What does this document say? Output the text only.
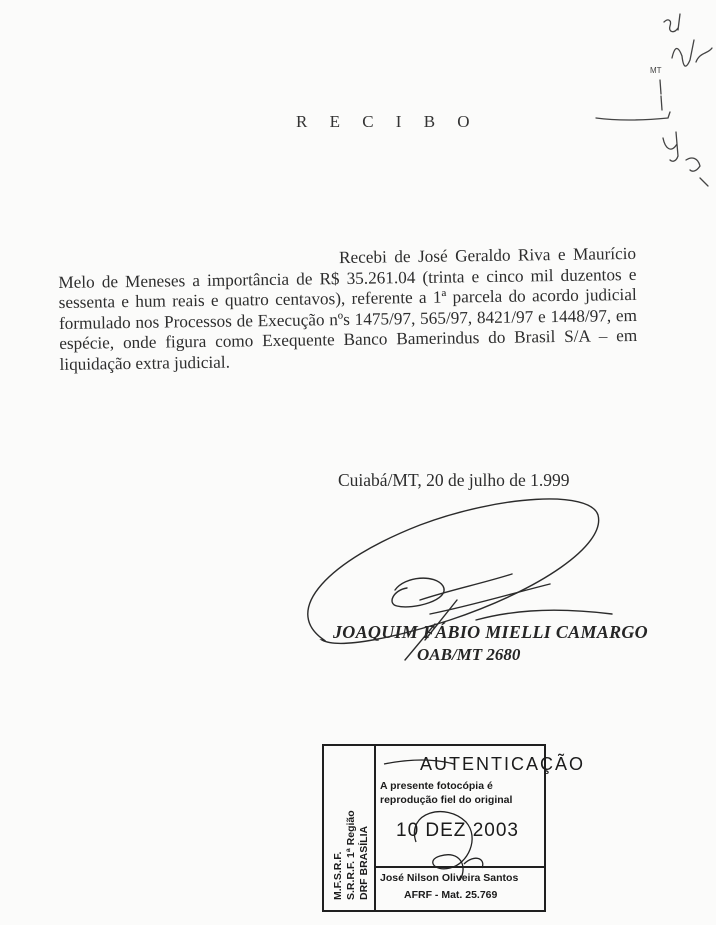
R E C I B O
Recebi de José Geraldo Riva e Maurício Melo de Meneses a importância de R$ 35.261.04 (trinta e cinco mil duzentos e sessenta e hum reais e quatro centavos), referente a 1ª parcela do acordo judicial formulado nos Processos de Execução nºs 1475/97, 565/97, 8421/97 e 1448/97, em espécie, onde figura como Exequente Banco Bamerindus do Brasil S/A – em liquidação extra judicial.
Cuiabá/MT, 20 de julho de 1.999
JOAQUIM FÁBIO MIELLI CAMARGO
OAB/MT 2680
MT
M.F.S.R.F. S.R.R.F. 1ª Região DRF BRASÍLIA
AUTENTICAÇÃO
A presente fotocópia é
reprodução fiel do original
10 DEZ 2003
José Nilson Oliveira Santos
AFRF - Mat. 25.769
